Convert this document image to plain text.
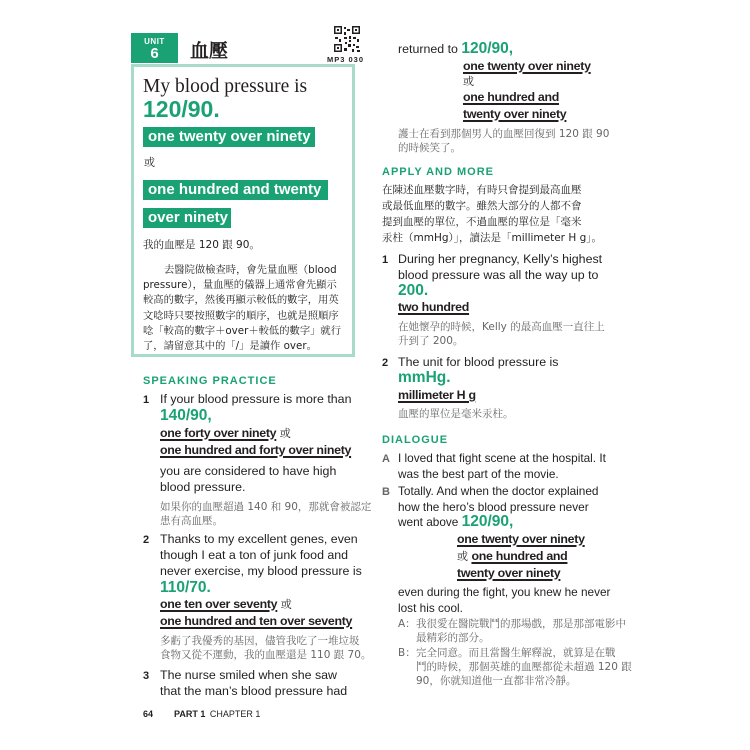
UNIT
6	血壓	MP3 030
My blood pressure is
120/90.
one twenty over ninety
或
one hundred and twenty
over ninety
我的血壓是 120 跟 90。
去醫院做檢查時，會先量血壓（blood
pressure），量血壓的儀器上通常會先顯示
較高的數字，然後再顯示較低的數字，用英
文唸時只要按照數字的順序，也就是照順序
唸「較高的數字＋over＋較低的數字」就行
了，請留意其中的「/」是讀作 over。
SPEAKING PRACTICE
1 If your blood pressure is more than
140/90,
one forty over ninety 或
one hundred and forty over ninety
you are considered to have high
blood pressure.
如果你的血壓超過 140 和 90，那就會被認定
患有高血壓。
2 Thanks to my excellent genes, even
though I eat a ton of junk food and
never exercise, my blood pressure is
110/70.
one ten over seventy 或
one hundred and ten over seventy
多虧了我優秀的基因，儘管我吃了一堆垃圾
食物又從不運動，我的血壓還是 110 跟 70。
3 The nurse smiled when she saw
that the man’s blood pressure had
returned to 120/90,
one twenty over ninety
或
one hundred and
twenty over ninety
護士在看到那個男人的血壓回復到 120 跟 90
的時候笑了。
APPLY AND MORE
在陳述血壓數字時，有時只會提到最高血壓
或最低血壓的數字。雖然大部分的人都不會
提到血壓的單位，不過血壓的單位是「毫米
汞柱（mmHg）」，讀法是「millimeter H g」。
1 During her pregnancy, Kelly’s highest
blood pressure was all the way up to
200.
two hundred
在她懷孕的時候，Kelly 的最高血壓一直往上
升到了 200。
2 The unit for blood pressure is
mmHg.
millimeter H g
血壓的單位是毫米汞柱。
DIALOGUE
A I loved that fight scene at the hospital. It
was the best part of the movie.
B Totally. And when the doctor explained
how the hero’s blood pressure never
went above 120/90,
one twenty over ninety
或 one hundred and
twenty over ninety
even during the fight, you knew he never
lost his cool.
A： 我很愛在醫院戰鬥的那場戲，那是那部電影中
最精彩的部分。
B： 完全同意。而且當醫生解釋說，就算是在戰
鬥的時候，那個英雄的血壓都從未超過 120 跟
90，你就知道他一直都非常冷靜。
64 PART 1 CHAPTER 1
